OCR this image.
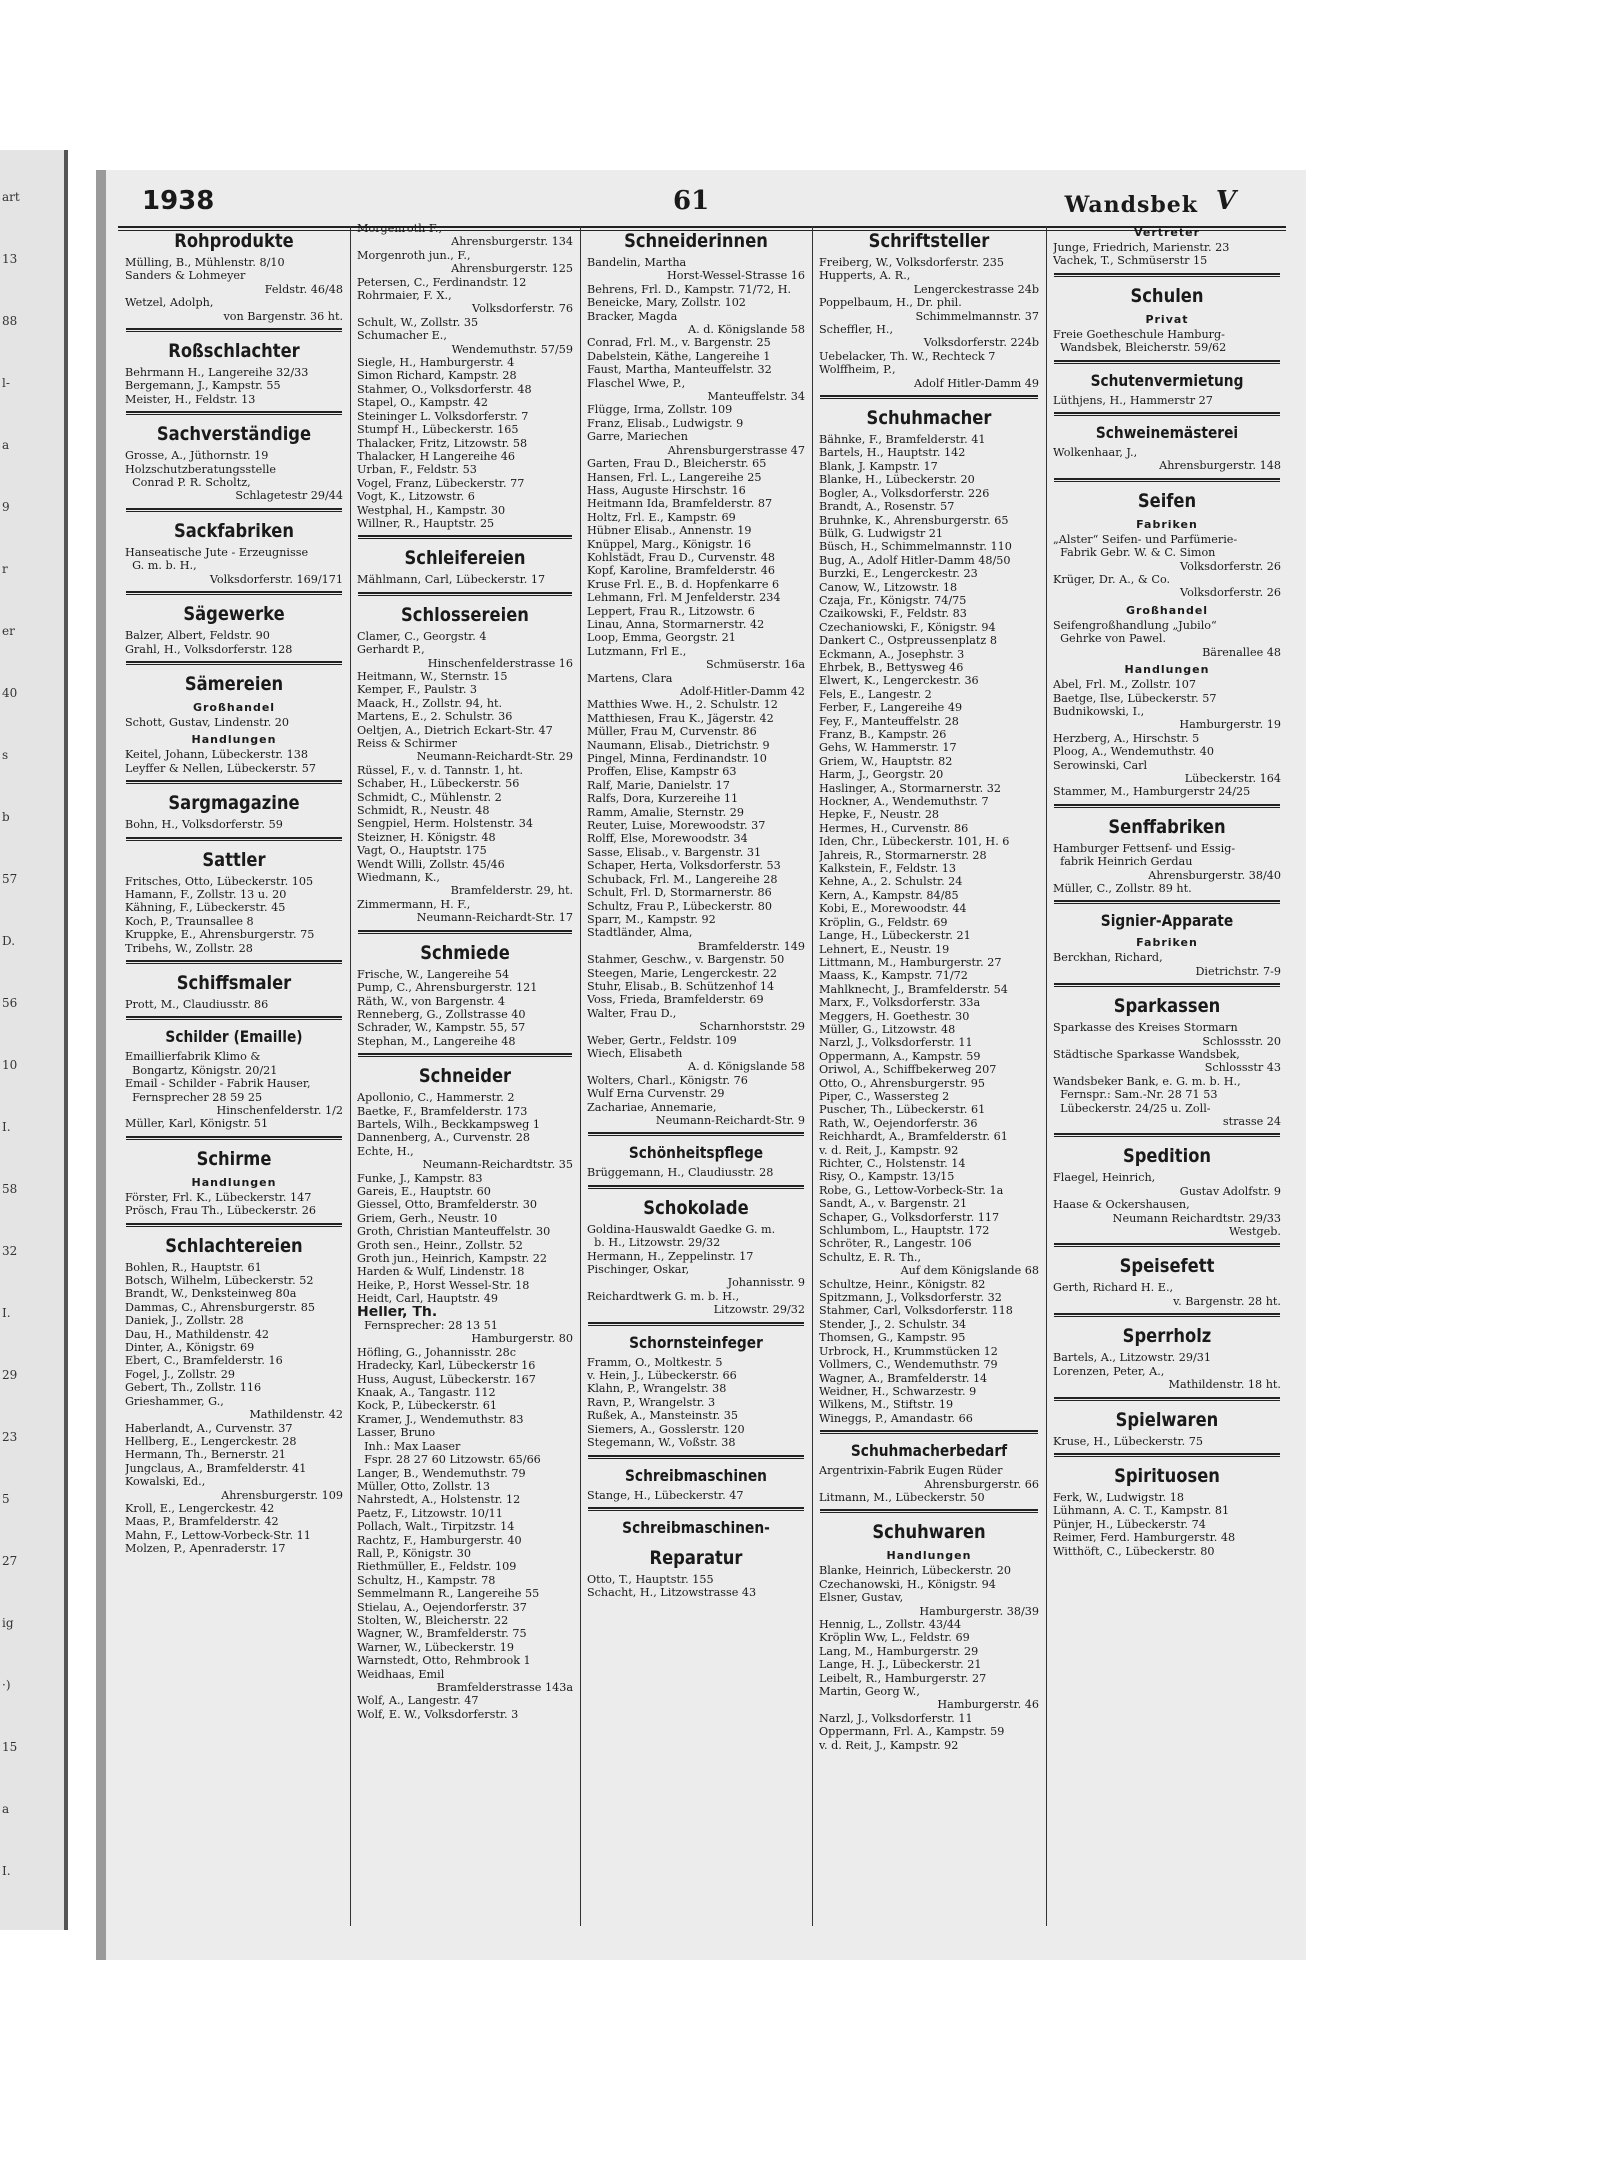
art
13
88
l-
a
9
r
er
40
s
b
57
D.
56
10
I.
58
32
I.
29
23
5
27
ig
·)
15
a
I.
1938	61	Wandsbek V
Rohprodukte
Mülling, B., Mühlenstr. 8/10
Sanders & Lohmeyer
Feldstr. 46/48
Wetzel, Adolph,
von Bargenstr. 36 ht.
Roßschlachter
Behrmann H., Langereihe 32/33
Bergemann, J., Kampstr. 55
Meister, H., Feldstr. 13
Sachverständige
Grosse, A., Jüthornstr. 19
Holzschutzberatungsstelle
Conrad P. R. Scholtz,
Schlagetestr 29/44
Sackfabriken
Hanseatische Jute - Erzeugnisse
G. m. b. H.,
Volksdorferstr. 169/171
Sägewerke
Balzer, Albert, Feldstr. 90
Grahl, H., Volksdorferstr. 128
Sämereien
Großhandel
Schott, Gustav, Lindenstr. 20
Handlungen
Keitel, Johann, Lübeckerstr. 138
Leyffer & Nellen, Lübeckerstr. 57
Sargmagazine
Bohn, H., Volksdorferstr. 59
Sattler
Fritsches, Otto, Lübeckerstr. 105
Hamann, F., Zollstr. 13 u. 20
Kähning, F., Lübeckerstr. 45
Koch, P., Traunsallee 8
Kruppke, E., Ahrensburgerstr. 75
Tribehs, W., Zollstr. 28
Schiffsmaler
Prott, M., Claudiusstr. 86
Schilder (Emaille)
Emaillierfabrik Klimo &
Bongartz, Königstr. 20/21
Email - Schilder - Fabrik Hauser,
Fernsprecher 28 59 25
Hinschenfelderstr. 1/2
Müller, Karl, Königstr. 51
Schirme
Handlungen
Förster, Frl. K., Lübeckerstr. 147
Prösch, Frau Th., Lübeckerstr. 26
Schlachtereien
Bohlen, R., Hauptstr. 61
Botsch, Wilhelm, Lübeckerstr. 52
Brandt, W., Denksteinweg 80a
Dammas, C., Ahrensburgerstr. 85
Daniek, J., Zollstr. 28
Dau, H., Mathildenstr. 42
Dinter, A., Königstr. 69
Ebert, C., Bramfelderstr. 16
Fogel, J., Zollstr. 29
Gebert, Th., Zollstr. 116
Grieshammer, G.,
Mathildenstr. 42
Haberlandt, A., Curvenstr. 37
Hellberg, E., Lengerckestr. 28
Hermann, Th., Bernerstr. 21
Jungclaus, A., Bramfelderstr. 41
Kowalski, Ed.,
Ahrensburgerstr. 109
Kroll, E., Lengerckestr. 42
Maas, P., Bramfelderstr. 42
Mahn, F., Lettow-Vorbeck-Str. 11
Molzen, P., Apenraderstr. 17
Morgenroth F.,
Ahrensburgerstr. 134
Morgenroth jun., F.,
Ahrensburgerstr. 125
Petersen, C., Ferdinandstr. 12
Rohrmaier, F. X.,
Volksdorferstr. 76
Schult, W., Zollstr. 35
Schumacher E.,
Wendemuthstr. 57/59
Siegle, H., Hamburgerstr. 4
Simon Richard, Kampstr. 28
Stahmer, O., Volksdorferstr. 48
Stapel, O., Kampstr. 42
Steininger L. Volksdorferstr. 7
Stumpf H., Lübeckerstr. 165
Thalacker, Fritz, Litzowstr. 58
Thalacker, H Langereihe 46
Urban, F., Feldstr. 53
Vogel, Franz, Lübeckerstr. 77
Vogt, K., Litzowstr. 6
Westphal, H., Kampstr. 30
Willner, R., Hauptstr. 25
Schleifereien
Mählmann, Carl, Lübeckerstr. 17
Schlossereien
Clamer, C., Georgstr. 4
Gerhardt P.,
Hinschenfelderstrasse 16
Heitmann, W., Sternstr. 15
Kemper, F., Paulstr. 3
Maack, H., Zollstr. 94, ht.
Martens, E., 2. Schulstr. 36
Oeltjen, A., Dietrich Eckart-Str. 47
Reiss & Schirmer
Neumann-Reichardt-Str. 29
Rüssel, F., v. d. Tannstr. 1, ht.
Schaber, H., Lübeckerstr. 56
Schmidt, C., Mühlenstr. 2
Schmidt, R., Neustr. 48
Sengpiel, Herm. Holstenstr. 34
Steizner, H. Königstr. 48
Vagt, O., Hauptstr. 175
Wendt Willi, Zollstr. 45/46
Wiedmann, K.,
Bramfelderstr. 29, ht.
Zimmermann, H. F.,
Neumann-Reichardt-Str. 17
Schmiede
Frische, W., Langereihe 54
Pump, C., Ahrensburgerstr. 121
Räth, W., von Bargenstr. 4
Renneberg, G., Zollstrasse 40
Schrader, W., Kampstr. 55, 57
Stephan, M., Langereihe 48
Schneider
Apollonio, C., Hammerstr. 2
Baetke, F., Bramfelderstr. 173
Bartels, Wilh., Beckkampsweg 1
Dannenberg, A., Curvenstr. 28
Echte, H.,
Neumann-Reichardtstr. 35
Funke, J., Kampstr. 83
Gareis, E., Hauptstr. 60
Giessel, Otto, Bramfelderstr. 30
Griem, Gerh., Neustr. 10
Groth, Christian Manteuffelstr. 30
Groth sen., Heinr., Zollstr. 52
Groth jun., Heinrich, Kampstr. 22
Harden & Wulf, Lindenstr. 18
Heike, P., Horst Wessel-Str. 18
Heidt, Carl, Hauptstr. 49
Heller, Th.
Fernsprecher: 28 13 51
Hamburgerstr. 80
Höfling, G., Johannisstr. 28c
Hradecky, Karl, Lübeckerstr 16
Huss, August, Lübeckerstr. 167
Knaak, A., Tangastr. 112
Kock, P., Lübeckerstr. 61
Kramer, J., Wendemuthstr. 83
Lasser, Bruno
Inh.: Max Laaser
Fspr. 28 27 60 Litzowstr. 65/66
Langer, B., Wendemuthstr. 79
Müller, Otto, Zollstr. 13
Nahrstedt, A., Holstenstr. 12
Paetz, F., Litzowstr. 10/11
Pollach, Walt., Tirpitzstr. 14
Rachtz, F., Hamburgerstr. 40
Rall, P., Königstr. 30
Riethmüller, E., Feldstr. 109
Schultz, H., Kampstr. 78
Semmelmann R., Langereihe 55
Stielau, A., Oejendorferstr. 37
Stolten, W., Bleicherstr. 22
Wagner, W., Bramfelderstr. 75
Warner, W., Lübeckerstr. 19
Warnstedt, Otto, Rehmbrook 1
Weidhaas, Emil
Bramfelderstrasse 143a
Wolf, A., Langestr. 47
Wolf, E. W., Volksdorferstr. 3
Schneiderinnen
Bandelin, Martha
Horst-Wessel-Strasse 16
Behrens, Frl. D., Kampstr. 71/72, H.
Beneicke, Mary, Zollstr. 102
Bracker, Magda
A. d. Königslande 58
Conrad, Frl. M., v. Bargenstr. 25
Dabelstein, Käthe, Langereihe 1
Faust, Martha, Manteuffelstr. 32
Flaschel Wwe, P.,
Manteuffelstr. 34
Flügge, Irma, Zollstr. 109
Franz, Elisab., Ludwigstr. 9
Garre, Mariechen
Ahrensburgerstrasse 47
Garten, Frau D., Bleicherstr. 65
Hansen, Frl. L., Langereihe 25
Hass, Auguste Hirschstr. 16
Heitmann Ida, Bramfelderstr. 87
Holtz, Frl. E., Kampstr. 69
Hübner Elisab., Annenstr. 19
Knüppel, Marg., Königstr. 16
Kohlstädt, Frau D., Curvenstr. 48
Kopf, Karoline, Bramfelderstr. 46
Kruse Frl. E., B. d. Hopfenkarre 6
Lehmann, Frl. M Jenfelderstr. 234
Leppert, Frau R., Litzowstr. 6
Linau, Anna, Stormarnerstr. 42
Loop, Emma, Georgstr. 21
Lutzmann, Frl E.,
Schmüserstr. 16a
Martens, Clara
Adolf-Hitler-Damm 42
Matthies Wwe. H., 2. Schulstr. 12
Matthiesen, Frau K., Jägerstr. 42
Müller, Frau M, Curvenstr. 86
Naumann, Elisab., Dietrichstr. 9
Pingel, Minna, Ferdinandstr. 10
Proffen, Elise, Kampstr 63
Ralf, Marie, Danielstr. 17
Ralfs, Dora, Kurzereihe 11
Ramm, Amalie, Sternstr. 29
Reuter, Luise, Morewoodstr. 37
Rolff, Else, Morewoodstr. 34
Sasse, Elisab., v. Bargenstr. 31
Schaper, Herta, Volksdorferstr. 53
Schuback, Frl. M., Langereihe 28
Schult, Frl. D, Stormarnerstr. 86
Schultz, Frau P., Lübeckerstr. 80
Sparr, M., Kampstr. 92
Stadtländer, Alma,
Bramfelderstr. 149
Stahmer, Geschw., v. Bargenstr. 50
Steegen, Marie, Lengerckestr. 22
Stuhr, Elisab., B. Schützenhof 14
Voss, Frieda, Bramfelderstr. 69
Walter, Frau D.,
Scharnhorststr. 29
Weber, Gertr., Feldstr. 109
Wiech, Elisabeth
A. d. Königslande 58
Wolters, Charl., Königstr. 76
Wulf Erna Curvenstr. 29
Zachariae, Annemarie,
Neumann-Reichardt-Str. 9
Schönheitspflege
Brüggemann, H., Claudiusstr. 28
Schokolade
Goldina-Hauswaldt Gaedke G. m.
b. H., Litzowstr. 29/32
Hermann, H., Zeppelinstr. 17
Pischinger, Oskar,
Johannisstr. 9
Reichardtwerk G. m. b. H.,
Litzowstr. 29/32
Schornsteinfeger
Framm, O., Moltkestr. 5
v. Hein, J., Lübeckerstr. 66
Klahn, P., Wrangelstr. 38
Ravn, P., Wrangelstr. 3
Rußek, A., Mansteinstr. 35
Siemers, A., Gosslerstr. 120
Stegemann, W., Voßstr. 38
Schreibmaschinen
Stange, H., Lübeckerstr. 47
Schreibmaschinen-
Reparatur
Otto, T., Hauptstr. 155
Schacht, H., Litzowstrasse 43
Schriftsteller
Freiberg, W., Volksdorferstr. 235
Hupperts, A. R.,
Lengerckestrasse 24b
Poppelbaum, H., Dr. phil.
Schimmelmannstr. 37
Scheffler, H.,
Volksdorferstr. 224b
Uebelacker, Th. W., Rechteck 7
Wolffheim, P.,
Adolf Hitler-Damm 49
Schuhmacher
Bähnke, F., Bramfelderstr. 41
Bartels, H., Hauptstr. 142
Blank, J. Kampstr. 17
Blanke, H., Lübeckerstr. 20
Bogler, A., Volksdorferstr. 226
Brandt, A., Rosenstr. 57
Bruhnke, K., Ahrensburgerstr. 65
Bülk, G. Ludwigstr 21
Büsch, H., Schimmelmannstr. 110
Bug, A., Adolf Hitler-Damm 48/50
Burzki, E., Lengerckestr. 23
Canow, W., Litzowstr. 18
Czaja, Fr., Königstr. 74/75
Czaikowski, F., Feldstr. 83
Czechaniowski, F., Königstr. 94
Dankert C., Ostpreussenplatz 8
Eckmann, A., Josephstr. 3
Ehrbek, B., Bettysweg 46
Elwert, K., Lengerckestr. 36
Fels, E., Langestr. 2
Ferber, F., Langereihe 49
Fey, F., Manteuffelstr. 28
Franz, B., Kampstr. 26
Gehs, W. Hammerstr. 17
Griem, W., Hauptstr. 82
Harm, J., Georgstr. 20
Haslinger, A., Stormarnerstr. 32
Hockner, A., Wendemuthstr. 7
Hepke, F., Neustr. 28
Hermes, H., Curvenstr. 86
Iden, Chr., Lübeckerstr. 101, H. 6
Jahreis, R., Stormarnerstr. 28
Kalkstein, F., Feldstr. 13
Kehne, A., 2. Schulstr. 24
Kern, A., Kampstr. 84/85
Kobi, E., Morewoodstr. 44
Kröplin, G., Feldstr. 69
Lange, H., Lübeckerstr. 21
Lehnert, E., Neustr. 19
Littmann, M., Hamburgerstr. 27
Maass, K., Kampstr. 71/72
Mahlknecht, J., Bramfelderstr. 54
Marx, F., Volksdorferstr. 33a
Meggers, H. Goethestr. 30
Müller, G., Litzowstr. 48
Narzl, J., Volksdorferstr. 11
Oppermann, A., Kampstr. 59
Oriwol, A., Schiffbekerweg 207
Otto, O., Ahrensburgerstr. 95
Piper, C., Wassersteg 2
Puscher, Th., Lübeckerstr. 61
Rath, W., Oejendorferstr. 36
Reichhardt, A., Bramfelderstr. 61
v. d. Reit, J., Kampstr. 92
Richter, C., Holstenstr. 14
Risy, O., Kampstr. 13/15
Robe, G., Lettow-Vorbeck-Str. 1a
Sandt, A., v. Bargenstr. 21
Schaper, G., Volksdorferstr. 117
Schlumbom, L., Hauptstr. 172
Schröter, R., Langestr. 106
Schultz, E. R. Th.,
Auf dem Königslande 68
Schultze, Heinr., Königstr. 82
Spitzmann, J., Volksdorferstr. 32
Stahmer, Carl, Volksdorferstr. 118
Stender, J., 2. Schulstr. 34
Thomsen, G., Kampstr. 95
Urbrock, H., Krummstücken 12
Vollmers, C., Wendemuthstr. 79
Wagner, A., Bramfelderstr. 14
Weidner, H., Schwarzestr. 9
Wilkens, M., Stiftstr. 19
Wineggs, P., Amandastr. 66
Schuhmacherbedarf
Argentrixin-Fabrik Eugen Rüder
Ahrensburgerstr. 66
Litmann, M., Lübeckerstr. 50
Schuhwaren
Handlungen
Blanke, Heinrich, Lübeckerstr. 20
Czechanowski, H., Königstr. 94
Elsner, Gustav,
Hamburgerstr. 38/39
Hennig, L., Zollstr. 43/44
Kröplin Ww, L., Feldstr. 69
Lang, M., Hamburgerstr. 29
Lange, H. J., Lübeckerstr. 21
Leibelt, R., Hamburgerstr. 27
Martin, Georg W.,
Hamburgerstr. 46
Narzl, J., Volksdorferstr. 11
Oppermann, Frl. A., Kampstr. 59
v. d. Reit, J., Kampstr. 92
Vertreter
Junge, Friedrich, Marienstr. 23
Vachek, T., Schmüserstr 15
Schulen
Privat
Freie Goetheschule Hamburg-
Wandsbek, Bleicherstr. 59/62
Schutenvermietung
Lüthjens, H., Hammerstr 27
Schweinemästerei
Wolkenhaar, J.,
Ahrensburgerstr. 148
Seifen
Fabriken
„Alster“ Seifen- und Parfümerie-
Fabrik Gebr. W. & C. Simon
Volksdorferstr. 26
Krüger, Dr. A., & Co.
Volksdorferstr. 26
Großhandel
Seifengroßhandlung „Jubilo“
Gehrke von Pawel.
Bärenallee 48
Handlungen
Abel, Frl. M., Zollstr. 107
Baetge, Ilse, Lübeckerstr. 57
Budnikowski, I.,
Hamburgerstr. 19
Herzberg, A., Hirschstr. 5
Ploog, A., Wendemuthstr. 40
Serowinski, Carl
Lübeckerstr. 164
Stammer, M., Hamburgerstr 24/25
Senffabriken
Hamburger Fettsenf- und Essig-
fabrik Heinrich Gerdau
Ahrensburgerstr. 38/40
Müller, C., Zollstr. 89 ht.
Signier-Apparate
Fabriken
Berckhan, Richard,
Dietrichstr. 7-9
Sparkassen
Sparkasse des Kreises Stormarn
Schlossstr. 20
Städtische Sparkasse Wandsbek,
Schlossstr 43
Wandsbeker Bank, e. G. m. b. H.,
Fernspr.: Sam.-Nr. 28 71 53
Lübeckerstr. 24/25 u. Zoll-
strasse 24
Spedition
Flaegel, Heinrich,
Gustav Adolfstr. 9
Haase & Ockershausen,
Neumann Reichardtstr. 29/33
Westgeb.
Speisefett
Gerth, Richard H. E.,
v. Bargenstr. 28 ht.
Sperrholz
Bartels, A., Litzowstr. 29/31
Lorenzen, Peter, A.,
Mathildenstr. 18 ht.
Spielwaren
Kruse, H., Lübeckerstr. 75
Spirituosen
Ferk, W., Ludwigstr. 18
Lühmann, A. C. T., Kampstr. 81
Pünjer, H., Lübeckerstr. 74
Reimer, Ferd. Hamburgerstr. 48
Witthöft, C., Lübeckerstr. 80
